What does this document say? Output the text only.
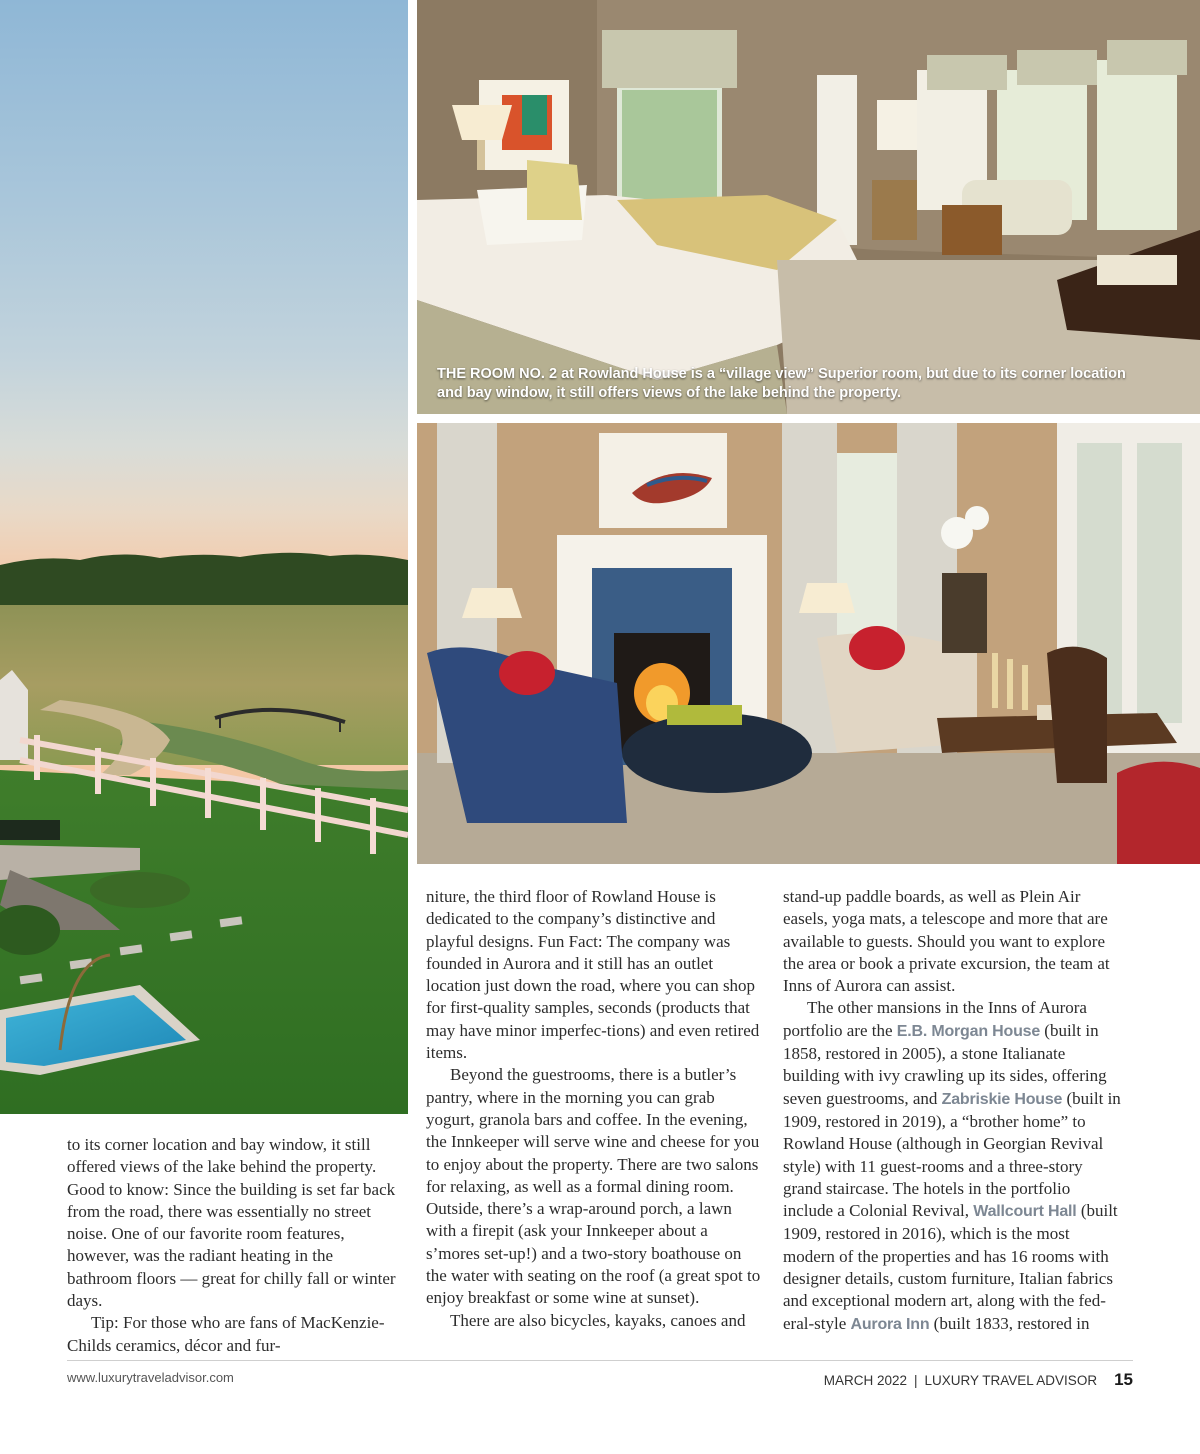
THE ROOM NO. 2 at Rowland House is a “village view” Superior room, but due to its corner location and bay window, it still offers views of the lake behind the property.

to its corner location and bay window, it still offered views of the lake behind the property. Good to know: Since the building is set far back from the road, there was essentially no street noise. One of our favorite room features, however, was the radiant heating in the bathroom floors — great for chilly fall or winter days.

Tip: For those who are fans of MacKenzie-Childs ceramics, décor and fur-

niture, the third floor of Rowland House is dedicated to the company’s distinctive and playful designs. Fun Fact: The company was founded in Aurora and it still has an outlet location just down the road, where you can shop for first-quality samples, seconds (products that may have minor imperfec-tions) and even retired items.

Beyond the guestrooms, there is a butler’s pantry, where in the morning you can grab yogurt, granola bars and coffee. In the evening, the Innkeeper will serve wine and cheese for you to enjoy about the property. There are two salons for relaxing, as well as a formal dining room. Outside, there’s a wrap-around porch, a lawn with a firepit (ask your Innkeeper about a s’mores set-up!) and a two-story boathouse on the water with seating on the roof (a great spot to enjoy breakfast or some wine at sunset).

There are also bicycles, kayaks, canoes and

stand-up paddle boards, as well as Plein Air easels, yoga mats, a telescope and more that are available to guests. Should you want to explore the area or book a private excursion, the team at Inns of Aurora can assist.

The other mansions in the Inns of Aurora portfolio are the E.B. Morgan House (built in 1858, restored in 2005), a stone Italianate building with ivy crawling up its sides, offering seven guestrooms, and Zabriskie House (built in 1909, restored in 2019), a “brother home” to Rowland House (although in Georgian Revival style) with 11 guest-rooms and a three-story grand staircase. The hotels in the portfolio include a Colonial Revival, Wallcourt Hall (built 1909, restored in 2016), which is the most modern of the properties and has 16 rooms with designer details, custom furniture, Italian fabrics and exceptional modern art, along with the fed-eral-style Aurora Inn (built 1833, restored in

www.luxurytraveladvisor.com	MARCH 2022 | LUXURY TRAVEL ADVISOR 15
